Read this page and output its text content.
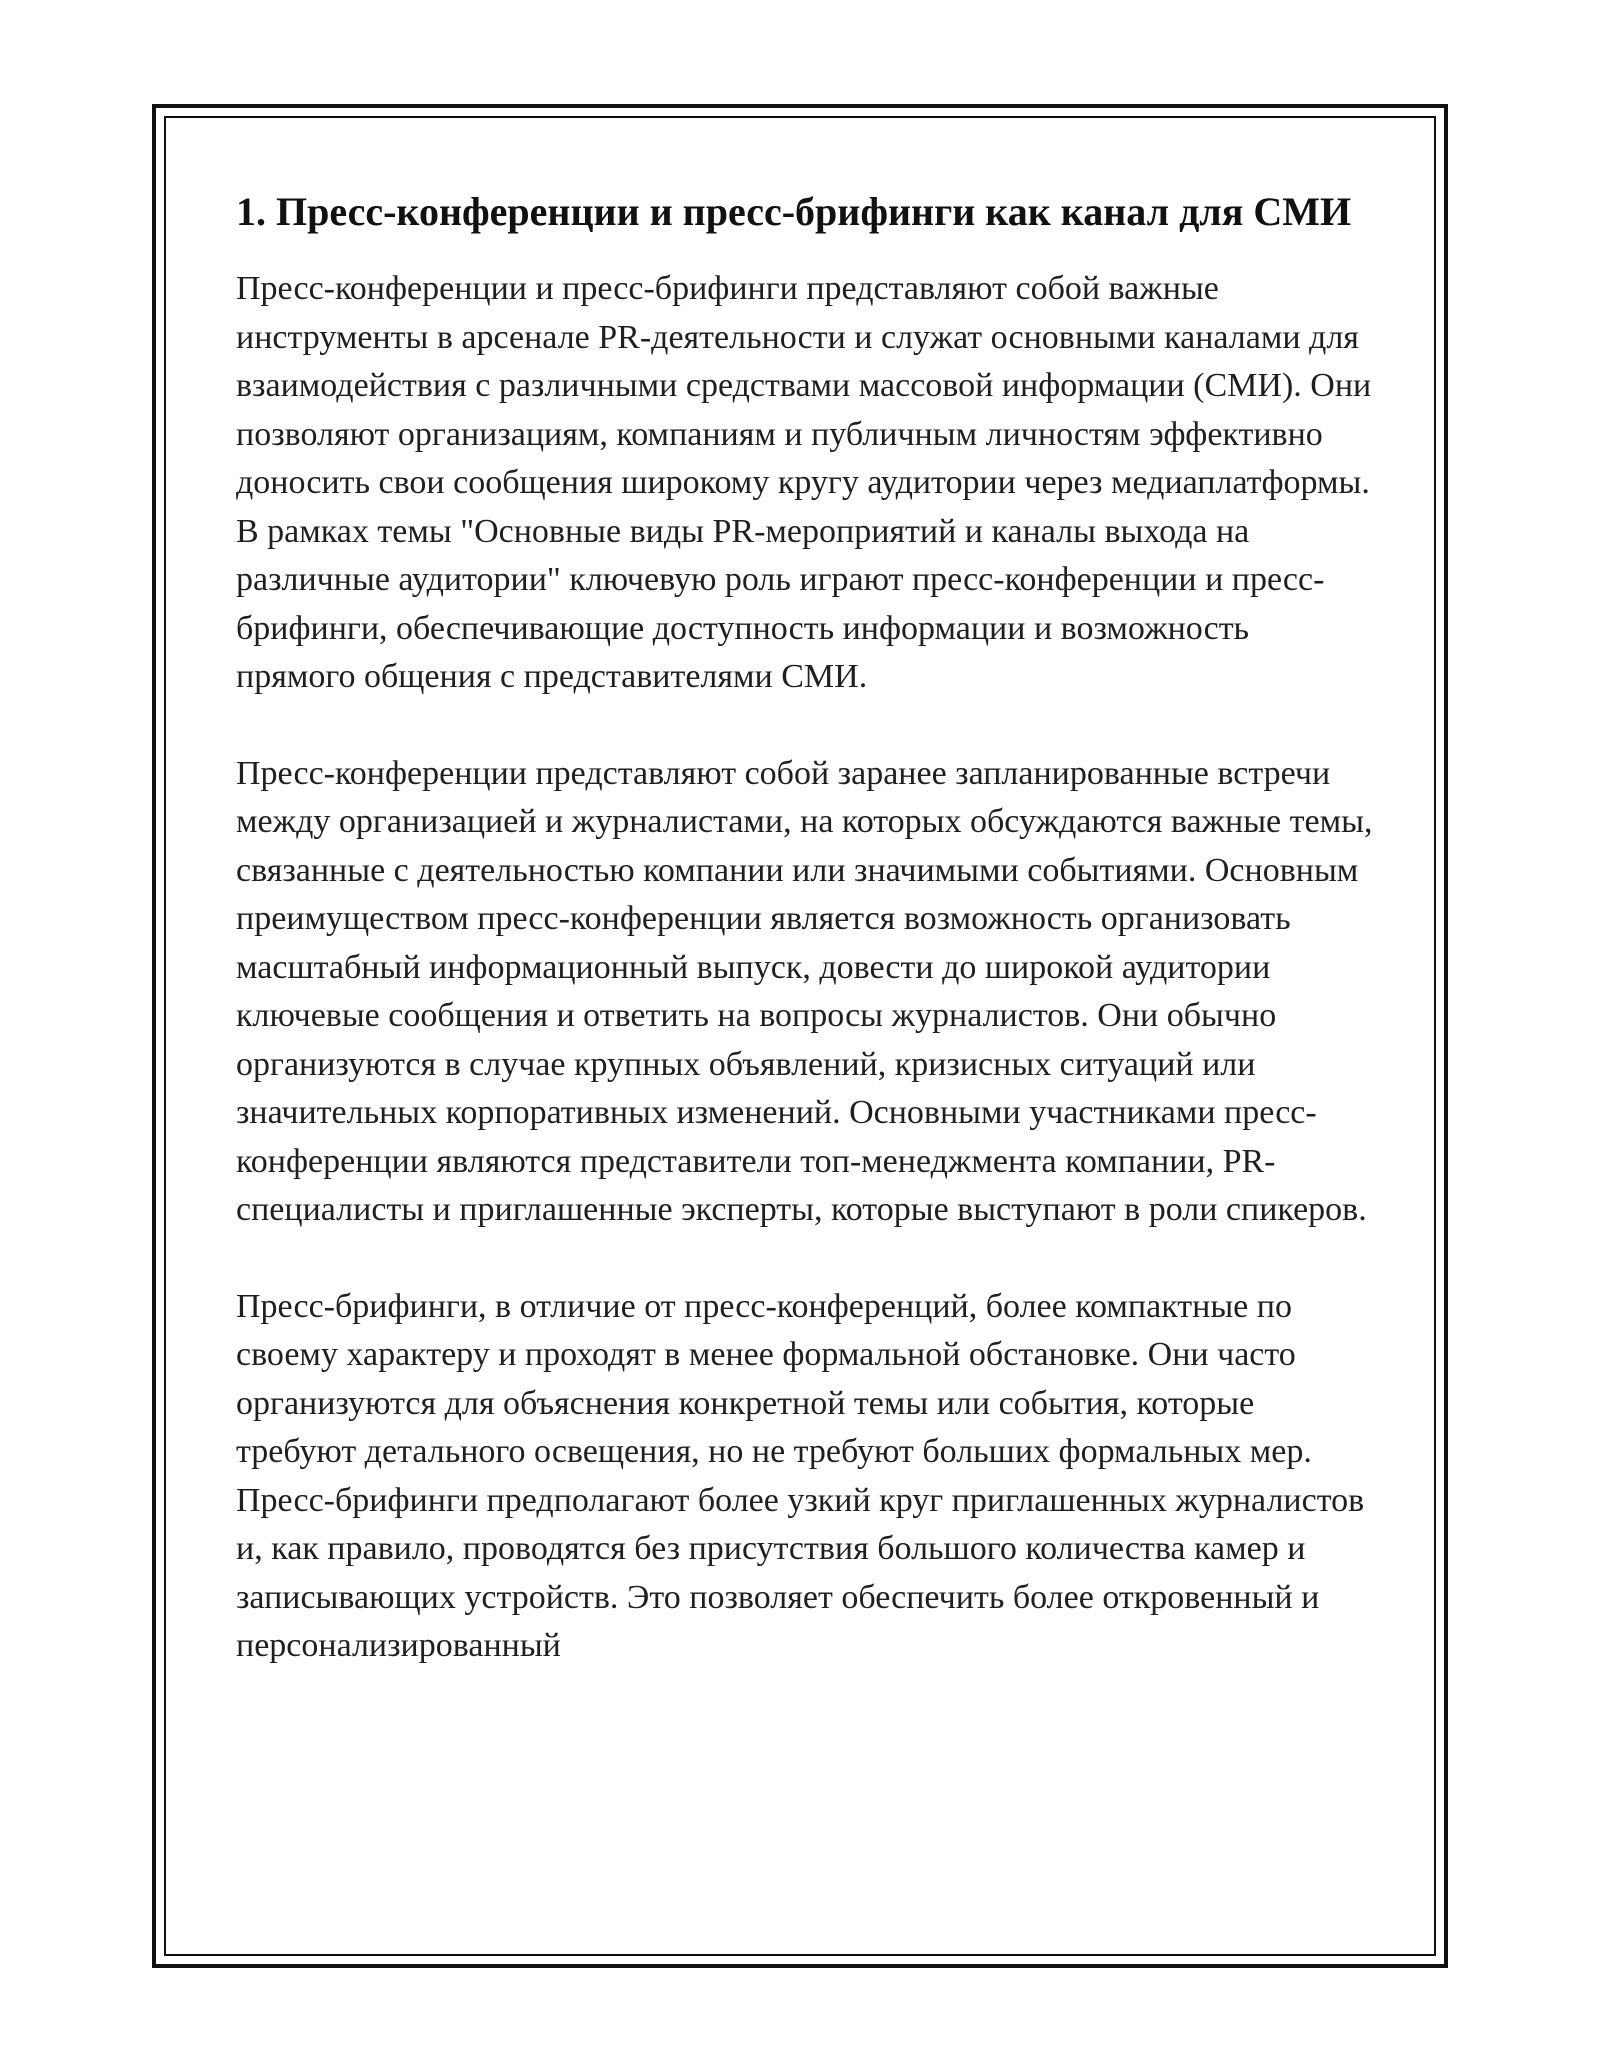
1. Пресс-конференции и пресс-брифинги как канал для СМИ

Пресс-конференции и пресс-брифинги представляют собой важные инструменты в арсенале PR-деятельности и служат основными каналами для взаимодействия с различными средствами массовой информации (СМИ). Они позволяют организациям, компаниям и публичным личностям эффективно доносить свои сообщения широкому кругу аудитории через медиаплатформы. В рамках темы "Основные виды PR-мероприятий и каналы выхода на различные аудитории" ключевую роль играют пресс-конференции и пресс-брифинги, обеспечивающие доступность информации и возможность прямого общения с представителями СМИ.

Пресс-конференции представляют собой заранее запланированные встречи между организацией и журналистами, на которых обсуждаются важные темы, связанные с деятельностью компании или значимыми событиями. Основным преимуществом пресс-конференции является возможность организовать масштабный информационный выпуск, довести до широкой аудитории ключевые сообщения и ответить на вопросы журналистов. Они обычно организуются в случае крупных объявлений, кризисных ситуаций или значительных корпоративных изменений. Основными участниками пресс-конференции являются представители топ-менеджмента компании, PR-специалисты и приглашенные эксперты, которые выступают в роли спикеров.

Пресс-брифинги, в отличие от пресс-конференций, более компактные по своему характеру и проходят в менее формальной обстановке. Они часто организуются для объяснения конкретной темы или события, которые требуют детального освещения, но не требуют больших формальных мер. Пресс-брифинги предполагают более узкий круг приглашенных журналистов и, как правило, проводятся без присутствия большого количества камер и записывающих устройств. Это позволяет обеспечить более откровенный и персонализированный
